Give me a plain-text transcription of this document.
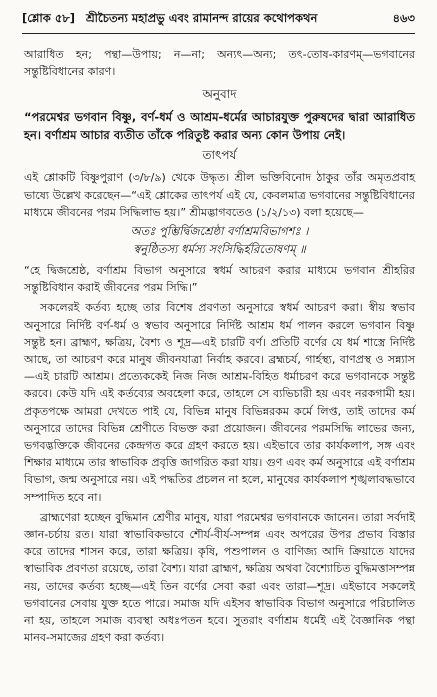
[শ্লোক ৫৮] শ্রীচৈতন্য মহাপ্রভু এবং রামানন্দ রায়ের কথোপকথন	৪৬৩

আরাধিত হন; পন্থা—উপায়; ন—না; অন্যৎ—অন্য; তৎ-তোষ-কারণম্—ভগবানের সন্তুষ্টিবিধানের কারণ।

অনুবাদ

“পরমেশ্বর ভগবান বিষ্ণু, বর্ণ-ধর্ম ও আশ্রম-ধর্মের আচারযুক্ত পুরুষদের দ্বারা আরাধিত হন। বর্ণাশ্রম আচার ব্যতীত তাঁকে পরিতুষ্ট করার অন্য কোন উপায় নেই।

তাৎপর্য

এই শ্লোকটি বিষ্ণুপুরাণ (৩/৮/৯) থেকে উদ্ধৃত। শ্রীল ভক্তিবিনোদ ঠাকুর তাঁর অমৃতপ্রবাহ ভাষ্যে উল্লেখ করেছেন—“এই শ্লোকের তাৎপর্য এই যে, কেবলমাত্র ভগবানের সন্তুষ্টিবিধানের মাধ্যমে জীবনের পরম সিদ্ধিলাভ হয়।” শ্রীমদ্ভাগবতেও (১/২/১৩) বলা হয়েছে—

অতঃ পুম্ভির্দ্বিজশ্রেষ্ঠা বর্ণাশ্রমবিভাগশঃ ।
স্বনুষ্ঠিতস্য ধর্মস্য সংসিদ্ধির্হরিতোষণম্ ॥

“হে দ্বিজশ্রেষ্ঠ, বর্ণাশ্রম বিভাগ অনুসারে স্বধর্ম আচরণ করার মাধ্যমে ভগবান শ্রীহরির সন্তুষ্টিবিধান করাই জীবনের পরম সিদ্ধি।”

সকলেরই কর্তব্য হচ্ছে তার বিশেষ প্রবণতা অনুসারে স্বধর্ম আচরণ করা। স্বীয় স্বভাব অনুসারে নির্দিষ্ট বর্ণ-ধর্ম ও স্বভাব অনুসারে নির্দিষ্ট আশ্রম ধর্ম পালন করলে ভগবান বিষ্ণু সন্তুষ্ট হন। ব্রাহ্মণ, ক্ষত্রিয়, বৈশ্য ও শূদ্র—এই চারটি বর্ণ। প্রতিটি বর্ণের যে ধর্ম শাস্ত্রে নির্দিষ্ট আছে, তা আচরণ করে মানুষ জীবনযাত্রা নির্বাহ করবে। ব্রহ্মচর্য, গার্হস্থ্য, বাণপ্রস্থ ও সন্ন্যাস—এই চারটি আশ্রম। প্রত্যেককেই নিজ নিজ আশ্রম-বিহিত ধর্মাচরণ করে ভগবানকে সন্তুষ্ট করবে। কেউ যদি এই কর্তব্যের অবহেলা করে, তাহলে সে ব্যভিচারী হয় এবং নরকগামী হয়। প্রকৃতপক্ষে আমরা দেখতে পাই যে, বিভিন্ন মানুষ বিভিন্নরকম কর্মে লিপ্ত, তাই তাদের কর্ম অনুসারে তাদের বিভিন্ন শ্রেণীতে বিভক্ত করা প্রয়োজন। জীবনের পরমসিদ্ধি লাভের জন্য, ভগবদ্ভক্তিকে জীবনের কেন্দ্রগত করে গ্রহণ করতে হয়। এইভাবে তার কার্যকলাপ, সঙ্গ এবং শিক্ষার মাধ্যমে তার স্বাভাবিক প্রবৃত্তি জাগরিত করা যায়। গুণ এবং কর্ম অনুসারে এই বর্ণাশ্রম বিভাগ, জন্ম অনুসারে নয়। এই পদ্ধতির প্রচলন না হলে, মানুষের কার্যকলাপ শৃঙ্খলাবদ্ধভাবে সম্পাদিত হবে না।

ব্রাহ্মণেরা হচ্ছেন বুদ্ধিমান শ্রেণীর মানুষ, যারা পরমেশ্বর ভগবানকে জানেন। তারা সর্বদাই জ্ঞান-চর্চায় রত। যারা স্বাভাবিকভাবে শৌর্য-বীর্য-সম্পন্ন এবং অপরের উপর প্রভাব বিস্তার করে তাদের শাসন করে, তারা ক্ষত্রিয়। কৃষি, পশুপালন ও বাণিজ্য আদি ক্রিয়াতে যাদের স্বাভাবিক প্রবণতা রয়েছে, তারা বৈশ্য। যারা ব্রাহ্মণ, ক্ষত্রিয় অথবা বৈশ্যোচিত বুদ্ধিমত্তাসম্পন্ন নয়, তাদের কর্তব্য হচ্ছে—এই তিন বর্ণের সেবা করা এবং তারা—শূদ্র। এইভাবে সকলেই ভগবানের সেবায় যুক্ত হতে পারে। সমাজ যদি এইসব স্বাভাবিক বিভাগ অনুসারে পরিচালিত না হয়, তাহলে সমাজ ব্যবস্থা অধঃপতন হবে। সুতরাং বর্ণাশ্রম ধর্মেই এই বৈজ্ঞানিক পন্থা মানব-সমাজের গ্রহণ করা কর্তব্য।
